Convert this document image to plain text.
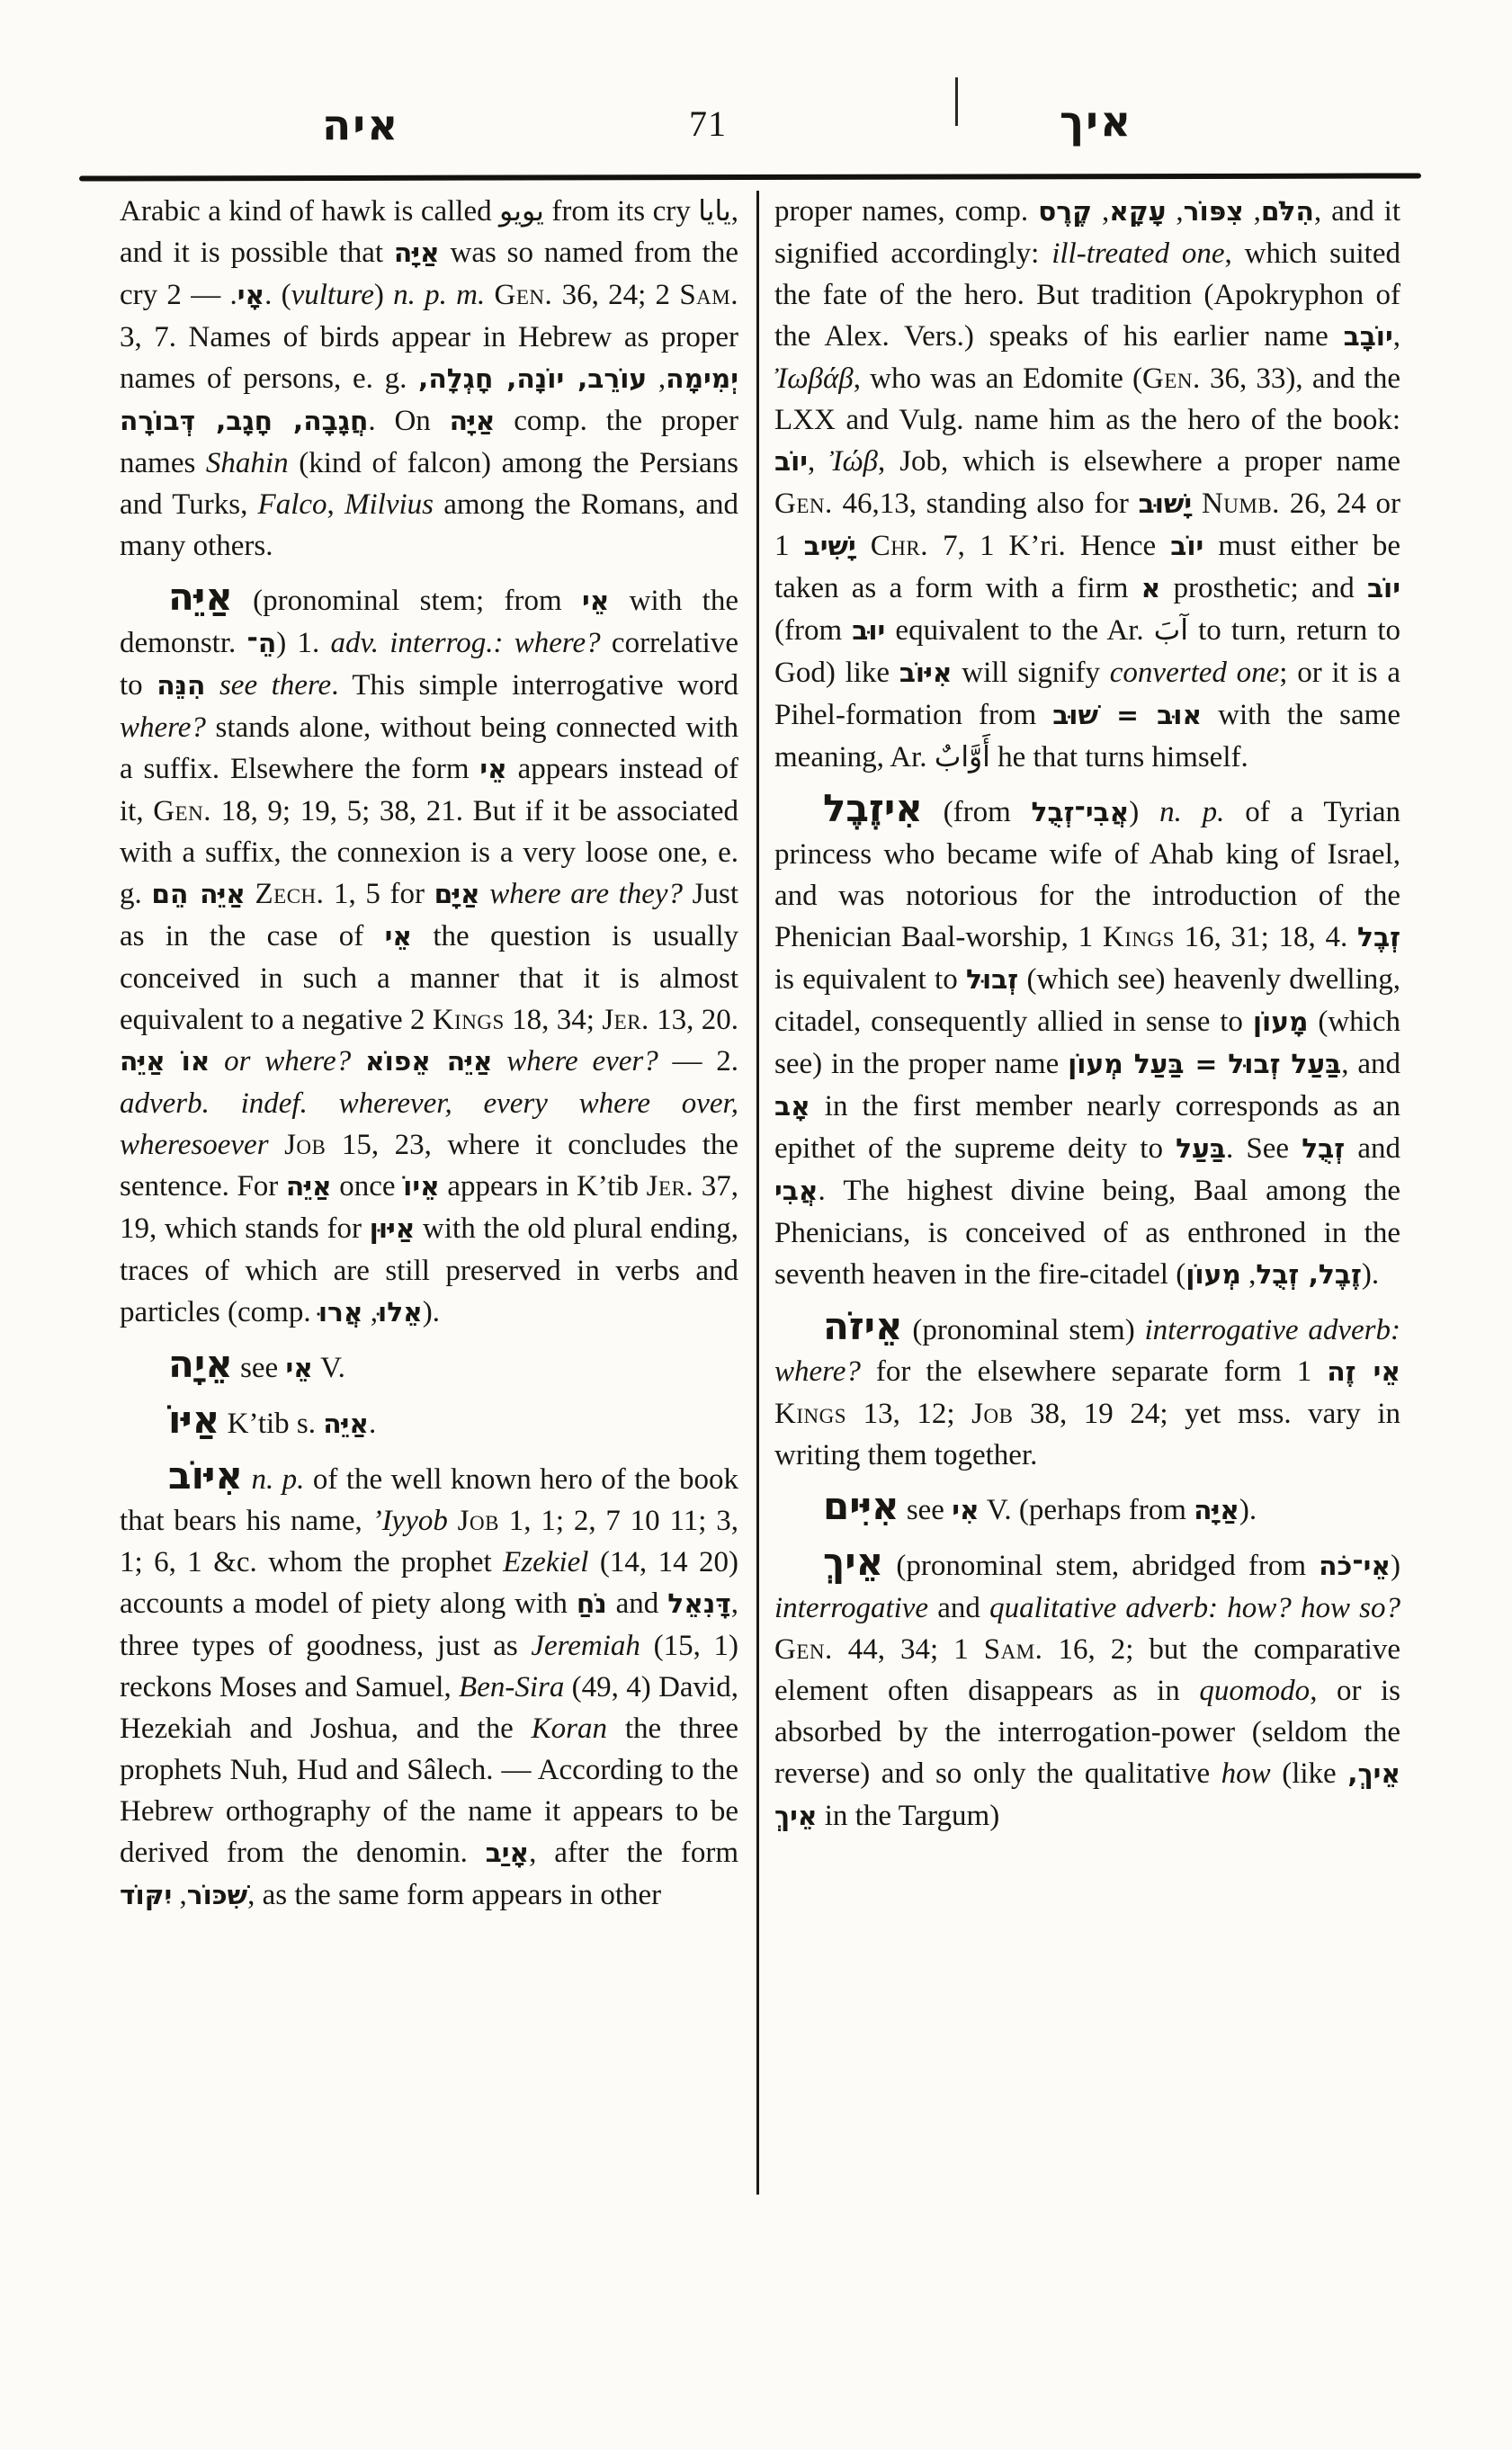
איה	71	איך

Arabic a kind of hawk is called يويو from its cry يايا, and it is possible that אַיָּה was so named from the cry	אָי. — 2. (vulture) n. p. m. Gen. 36, 24; 2 Sam. 3, 7. Names of birds appear in Hebrew as proper names of persons, e. g.	יְמִימָה, עוֹרֵב, יוֹנָה, חָגְלָה, חֲגָבָה, חָגָב, דְּבוֹרָה. On אַיָּה comp. the proper names Shahin (kind of falcon) among the Persians and Turks, Falco, Milvius among the Romans, and many others.

אַיֵּה (pronominal stem; from אֵי with the demonstr. הֵ־) 1. adv. interrog.: where? correlative to הִנֵּה see there. This simple interrogative word where? stands alone, without being connected with a suffix. Elsewhere the form אֵי appears instead of it, Gen. 18, 9; 19, 5; 38, 21. But if it be associated with a suffix, the connexion is a very loose one, e. g. אַיֵּה הֵם Zech. 1, 5 for אַיָּם where are they? Just as in the case of אֵי the question is usually conceived in such a manner that it is almost equivalent to a negative 2 Kings 18, 34; Jer. 13, 20. אוֹ אַיֵּה or where? אַיֵּה אֵפוֹא where ever? — 2. adverb. indef. wherever, every where over, wheresoever Job 15, 23, where it concludes the sentence. For אַיֵּה once אֵיוֹ appears in K’tib Jer. 37, 19, which stands for אַיּוּן with the old plural ending, traces of which are still preserved in verbs and particles (comp. אֵלוּ, אֲרוּ ).

אֵיָה see אֵי V.

אַיּוֹ K’tib s. אַיֵּה.

אִיּוֹב n. p. of the well known hero of the book that bears his name, ’Iyyob Job 1, 1; 2, 7 10 11; 3, 1; 6, 1 &c. whom the prophet Ezekiel (14, 14 20) accounts a model of piety along with נֹחַ and דָּנִאֵל, three types of goodness, just as Jeremiah (15, 1) reckons Moses and Samuel, Ben-Sira (49, 4) David, Hezekiah and Joshua, and the Koran the three prophets Nuh, Hud and Sâlech. — According to the Hebrew orthography of the name it appears to be derived from the denomin. אָיַב, after the form שִׁכּוֹר, יִקּוֹד	, as the same form appears in other

proper names, comp.	הִלֹּם, צִפּוֹר, עָקָא, קֶרֶס	, and it signified accordingly: ill-treated one, which suited the fate of the hero. But tradition (Apokryphon of the Alex. Vers.) speaks of his earlier name יוֹבָב, Ἰωβάβ, who was an Edomite (Gen. 36, 33), and the LXX and Vulg. name him as the hero of the book: יוֹב, Ἰώβ, Job, which is elsewhere a proper name Gen. 46,13, standing also for יָשׁוּב Numb. 26, 24 or יָשִׁיב 1 Chr. 7, 1 K’ri. Hence יוֹב must either be taken as a form with a firm א prosthetic; and יוֹב (from יוּב equivalent to the Ar. آبَ to turn, return to God) like אִיּוֹב will signify converted one; or it is a Pihel-formation from אוּב = שׁוּב with the same meaning, Ar. أَوَّابٌ he that turns himself.

אִיזֶבֶל (from אֲבִי־זְבֻל) n. p. of a Tyrian princess who became wife of Ahab king of Israel, and was notorious for the introduction of the Phenician Baal-worship, 1 Kings 16, 31; 18, 4. זְבֶל is equivalent to זְבוּל (which see) heavenly dwelling, citadel, consequently allied in sense to מָעוֹן (which see) in the proper name בַּעַל זְבוּל = בַּעַל מְעוֹן, and אָב in the first member nearly corresponds as an epithet of the supreme deity to בַּעַל. See זְבֻל and אֲבִי. The highest divine being, Baal among the Phenicians, is conceived of as enthroned in the seventh heaven in the fire-citadel (	זֶבֶל, זְבֻל, מְעוֹן	).

אֵיזֹה (pronominal stem) interrogative adverb: where? for the elsewhere separate form אֵי זֶה 1 Kings 13, 12; Job 38, 19 24; yet mss. vary in writing them together.

אִיִּים see אִי V. (perhaps from אַיָּה).

אֵיךְ (pronominal stem, abridged from אֵי־כֹה) interrogative and qualitative adverb: how? how so? Gen. 44, 34; 1 Sam. 16, 2; but the comparative element often disappears as in quomodo, or is absorbed by the interrogation-power (seldom the reverse) and so only the qualitative how (like אֵיךְ, אֵיךְ in the Targum)
